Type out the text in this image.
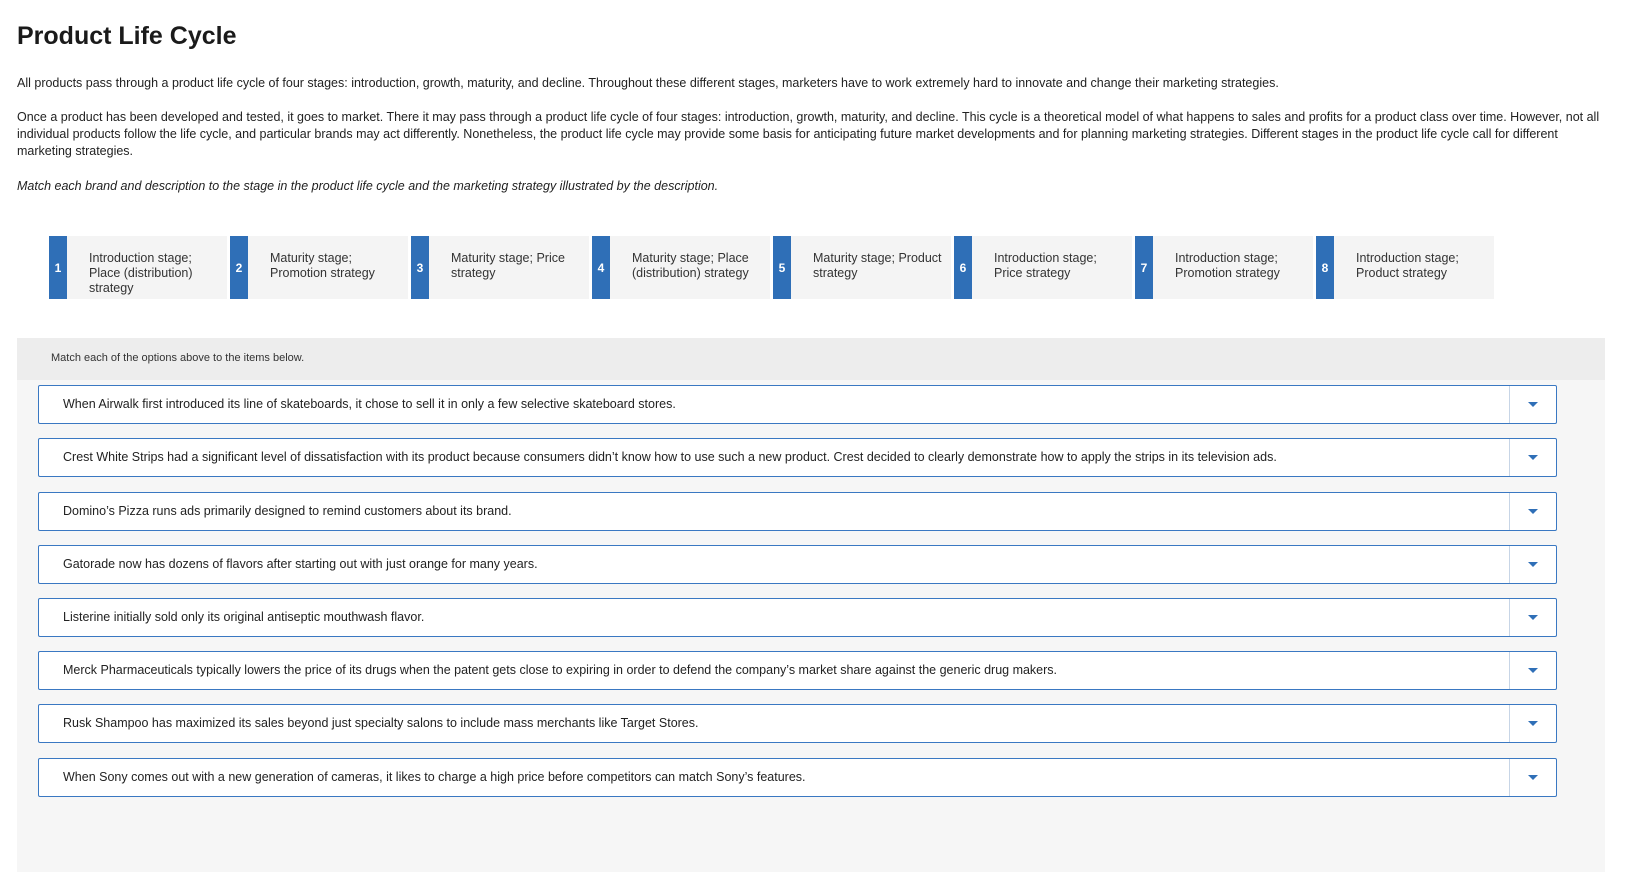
Product Life Cycle

All products pass through a product life cycle of four stages: introduction, growth, maturity, and decline. Throughout these different stages, marketers have to work extremely hard to innovate and change their marketing strategies.

Once a product has been developed and tested, it goes to market. There it may pass through a product life cycle of four stages: introduction, growth, maturity, and decline. This cycle is a theoretical model of what happens to sales and profits for a product class over time. However, not all individual products follow the life cycle, and particular brands may act differently. Nonetheless, the product life cycle may provide some basis for anticipating future market developments and for planning marketing strategies. Different stages in the product life cycle call for different marketing strategies.

Match each brand and description to the stage in the product life cycle and the marketing strategy illustrated by the description.

1
Introduction stage; Place (distribution) strategy
2
Maturity stage; Promotion strategy	3
Maturity stage; Price strategy	4
Maturity stage; Place (distribution) strategy	5
Maturity stage; Product strategy	6
Introduction stage; Price strategy	7
Introduction stage; Promotion strategy	8
Introduction stage; Product strategy
Match each of the options above to the items below.
When Airwalk first introduced its line of skateboards, it chose to sell it in only a few selective skateboard stores.
Crest White Strips had a significant level of dissatisfaction with its product because consumers didn’t know how to use such a new product. Crest decided to clearly demonstrate how to apply the strips in its television ads.
Domino’s Pizza runs ads primarily designed to remind customers about its brand.
Gatorade now has dozens of flavors after starting out with just orange for many years.
Listerine initially sold only its original antiseptic mouthwash flavor.
Merck Pharmaceuticals typically lowers the price of its drugs when the patent gets close to expiring in order to defend the company’s market share against the generic drug makers.
Rusk Shampoo has maximized its sales beyond just specialty salons to include mass merchants like Target Stores.
When Sony comes out with a new generation of cameras, it likes to charge a high price before competitors can match Sony’s features.
